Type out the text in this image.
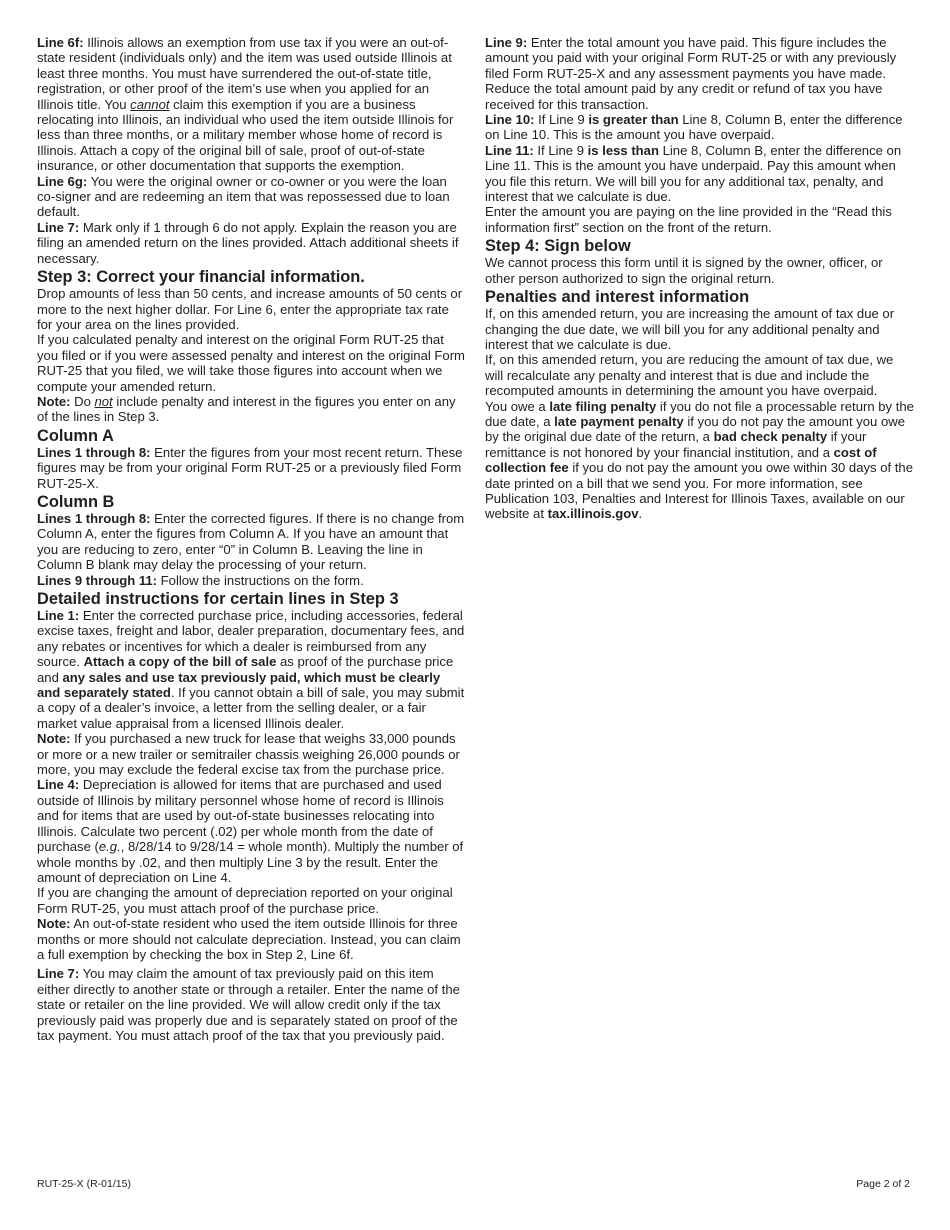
Line 6f: Illinois allows an exemption from use tax if you were an out-of-state resident (individuals only) and the item was used outside Illinois at least three months. You must have surrendered the out-of-state title, registration, or other proof of the item’s use when you applied for an Illinois title. You cannot claim this exemption if you are a business relocating into Illinois, an individual who used the item outside Illinois for less than three months, or a military member whose home of record is Illinois. Attach a copy of the original bill of sale, proof of out-of-state insurance, or other documentation that supports the exemption.

Line 6g: You were the original owner or co-owner or you were the loan co-signer and are redeeming an item that was repossessed due to loan default.

Line 7: Mark only if 1 through 6 do not apply. Explain the reason you are filing an amended return on the lines provided. Attach additional sheets if necessary.

Step 3: Correct your financial information.

Drop amounts of less than 50 cents, and increase amounts of 50 cents or more to the next higher dollar. For Line 6, enter the appropriate tax rate for your area on the lines provided.

If you calculated penalty and interest on the original Form RUT-25 that you filed or if you were assessed penalty and interest on the original Form RUT-25 that you filed, we will take those figures into account when we compute your amended return.

Note: Do not include penalty and interest in the figures you enter on any of the lines in Step 3.

Column A

Lines 1 through 8: Enter the figures from your most recent return. These figures may be from your original Form RUT-25 or a previously filed Form RUT-25-X.

Column B

Lines 1 through 8: Enter the corrected figures. If there is no change from Column A, enter the figures from Column A. If you have an amount that you are reducing to zero, enter “0” in Column B. Leaving the line in Column B blank may delay the processing of your return.

Lines 9 through 11: Follow the instructions on the form.

Detailed instructions for certain lines in Step 3

Line 1: Enter the corrected purchase price, including accessories, federal excise taxes, freight and labor, dealer preparation, documentary fees, and any rebates or incentives for which a dealer is reimbursed from any source. Attach a copy of the bill of sale as proof of the purchase price and any sales and use tax previously paid, which must be clearly and separately stated. If you cannot obtain a bill of sale, you may submit a copy of a dealer’s invoice, a letter from the selling dealer, or a fair market value appraisal from a licensed Illinois dealer.

Note: If you purchased a new truck for lease that weighs 33,000 pounds or more or a new trailer or semitrailer chassis weighing 26,000 pounds or more, you may exclude the federal excise tax from the purchase price.

Line 4: Depreciation is allowed for items that are purchased and used outside of Illinois by military personnel whose home of record is Illinois and for items that are used by out-of-state businesses relocating into Illinois. Calculate two percent (.02) per whole month from the date of purchase (e.g., 8/28/14 to 9/28/14 = whole month). Multiply the number of whole months by .02, and then multiply Line 3 by the result. Enter the amount of depreciation on Line 4.

If you are changing the amount of depreciation reported on your original Form RUT-25, you must attach proof of the purchase price.

Note: An out-of-state resident who used the item outside Illinois for three months or more should not calculate depreciation. Instead, you can claim a full exemption by checking the box in Step 2, Line 6f.

Line 7: You may claim the amount of tax previously paid on this item either directly to another state or through a retailer. Enter the name of the state or retailer on the line provided. We will allow credit only if the tax previously paid was properly due and is separately stated on proof of the tax payment. You must attach proof of the tax that you previously paid.

Line 9: Enter the total amount you have paid. This figure includes the amount you paid with your original Form RUT-25 or with any previously filed Form RUT-25-X and any assessment payments you have made. Reduce the total amount paid by any credit or refund of tax you have received for this transaction.

Line 10: If Line 9 is greater than Line 8, Column B, enter the difference on Line 10. This is the amount you have overpaid.

Line 11: If Line 9 is less than Line 8, Column B, enter the difference on Line 11. This is the amount you have underpaid. Pay this amount when you file this return. We will bill you for any additional tax, penalty, and interest that we calculate is due.

Enter the amount you are paying on the line provided in the “Read this information first” section on the front of the return.

Step 4: Sign below

We cannot process this form until it is signed by the owner, officer, or other person authorized to sign the original return.

Penalties and interest information

If, on this amended return, you are increasing the amount of tax due or changing the due date, we will bill you for any additional penalty and interest that we calculate is due.

If, on this amended return, you are reducing the amount of tax due, we will recalculate any penalty and interest that is due and include the recomputed amounts in determining the amount you have overpaid.

You owe a late filing penalty if you do not file a processable return by the due date, a late payment penalty if you do not pay the amount you owe by the original due date of the return, a bad check penalty if your remittance is not honored by your financial institution, and a cost of collection fee if you do not pay the amount you owe within 30 days of the date printed on a bill that we send you. For more information, see Publication 103, Penalties and Interest for Illinois Taxes, available on our website at tax.illinois.gov.

RUT-25-X (R-01/15)	Page 2 of 2
